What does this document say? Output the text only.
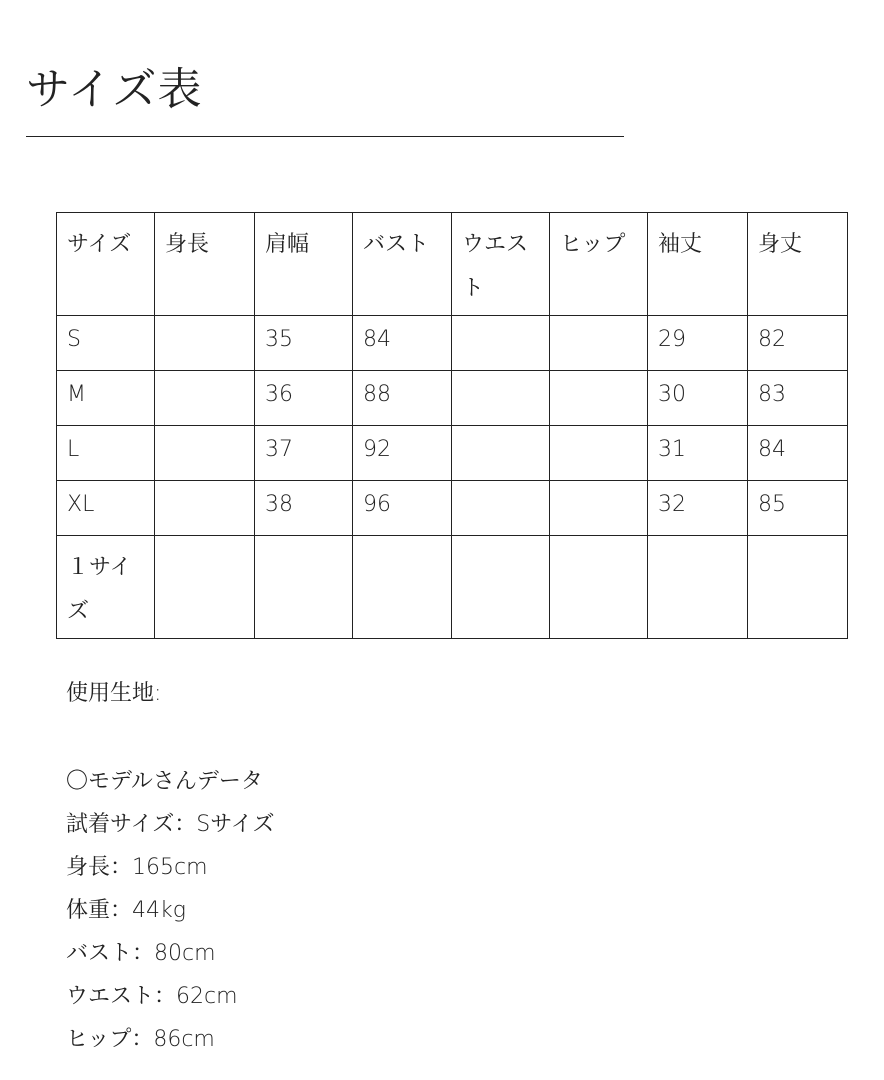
サイズ表
サイズ	身長	肩幅	バスト	ウエスト	ヒップ	袖丈	身丈
S		35	84			29	82
M		36	88			30	83
L		37	92			31	84
XL		38	96			32	85
１サイズ							

使用生地:

〇モデルさんデータ

試着サイズ：Sサイズ

身長：165cm

体重：44kg

バスト：80cm

ウエスト：62cm

ヒップ：86cm
